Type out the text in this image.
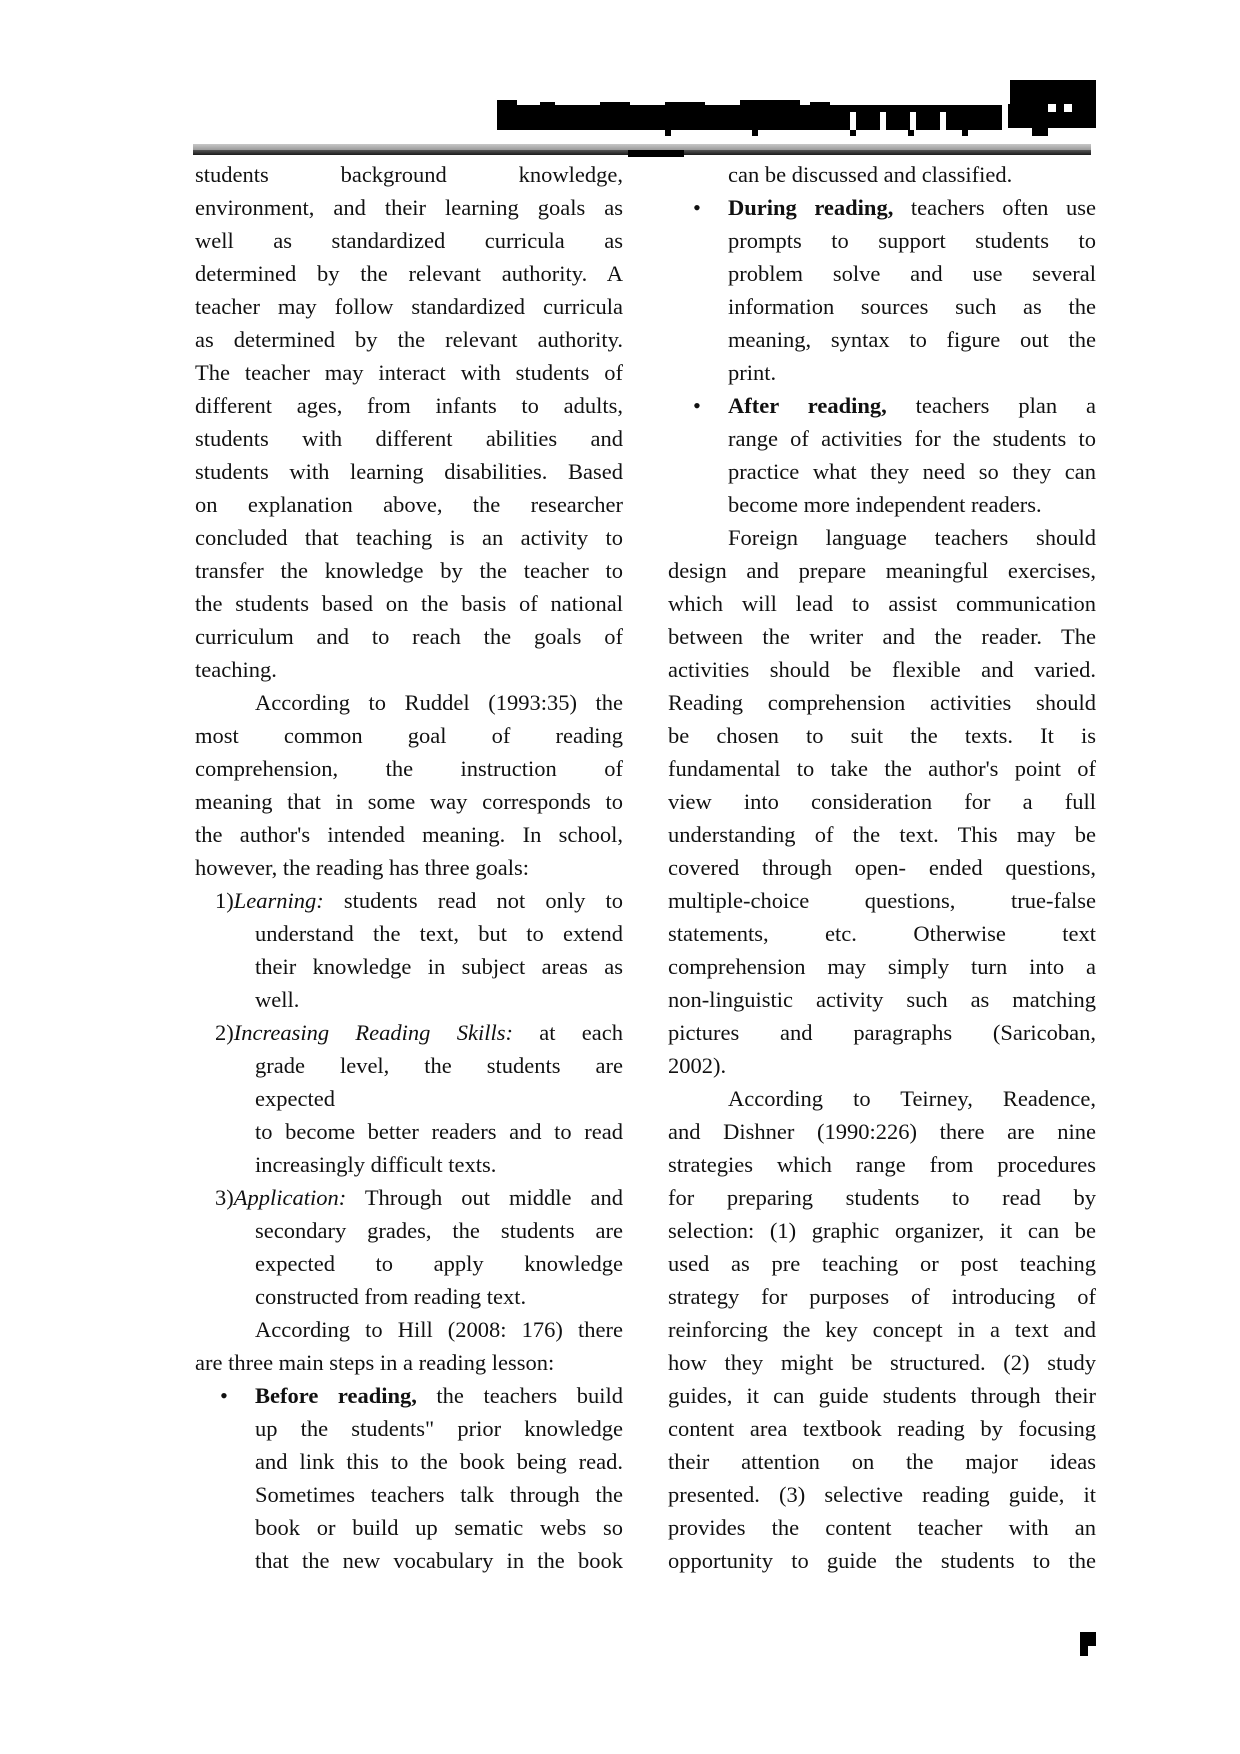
students background knowledge,
environment, and their learning goals as
well as standardized curricula as
determined by the relevant authority. A
teacher may follow standardized curricula
as determined by the relevant authority.
The teacher may interact with students of
different ages, from infants to adults,
students with different abilities and
students with learning disabilities. Based
on explanation above, the researcher
concluded that teaching is an activity to
transfer the knowledge by the teacher to
the students based on the basis of national
curriculum and to reach the goals of
teaching.
According to Ruddel (1993:35) the
most common goal of reading
comprehension, the instruction of
meaning that in some way corresponds to
the author's intended meaning. In school,
however, the reading has three goals:
1)Learning: students read not only to
understand the text, but to extend
their knowledge in subject areas as
well.
2)Increasing Reading Skills: at each
grade level, the students are
expected
to become better readers and to read
increasingly difficult texts.
3)Application: Through out middle and
secondary grades, the students are
expected to apply knowledge
constructed from reading text.
According to Hill (2008: 176) there
are three main steps in a reading lesson:
•	Before reading, the teachers build
up the students" prior knowledge
and link this to the book being read.
Sometimes teachers talk through the
book or build up sematic webs so
that the new vocabulary in the book
can be discussed and classified.
•	During reading, teachers often use
prompts to support students to
problem solve and use several
information sources such as the
meaning, syntax to figure out the
print.
•	After reading, teachers plan a
range of activities for the students to
practice what they need so they can
become more independent readers.
Foreign language teachers should
design and prepare meaningful exercises,
which will lead to assist communication
between the writer and the reader. The
activities should be flexible and varied.
Reading comprehension activities should
be chosen to suit the texts. It is
fundamental to take the author's point of
view into consideration for a full
understanding of the text. This may be
covered through open- ended questions,
multiple-choice questions, true-false
statements, etc. Otherwise text
comprehension may simply turn into a
non-linguistic activity such as matching
pictures and paragraphs (Saricoban,
2002).
According to Teirney, Readence,
and Dishner (1990:226) there are nine
strategies which range from procedures
for preparing students to read by
selection: (1) graphic organizer, it can be
used as pre teaching or post teaching
strategy for purposes of introducing of
reinforcing the key concept in a text and
how they might be structured. (2) study
guides, it can guide students through their
content area textbook reading by focusing
their attention on the major ideas
presented. (3) selective reading guide, it
provides the content teacher with an
opportunity to guide the students to the
